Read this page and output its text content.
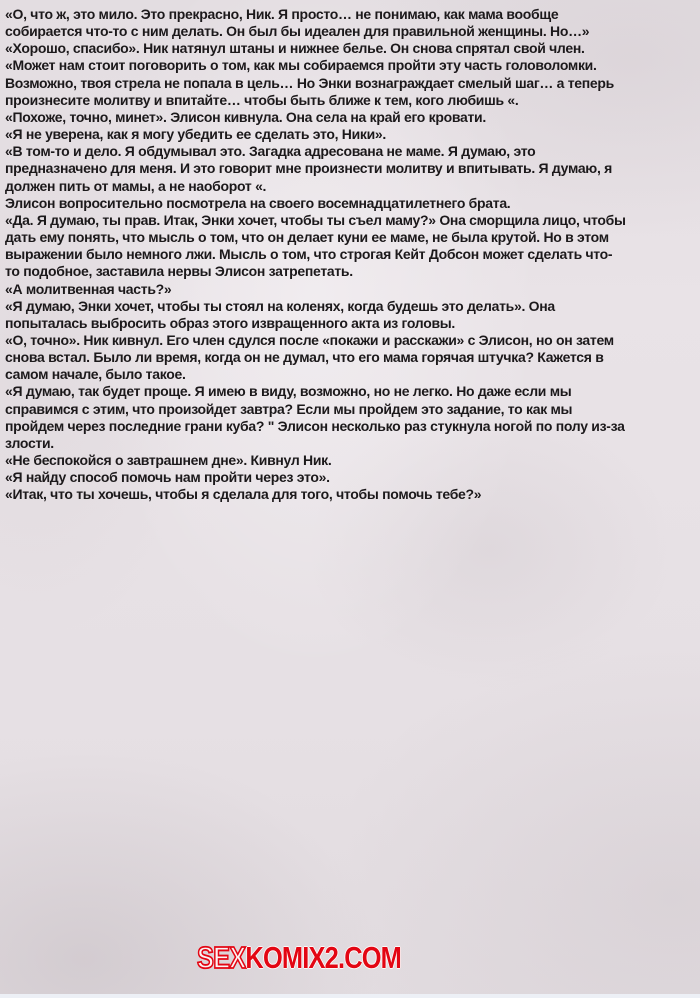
«О, что ж, это мило. Это прекрасно, Ник. Я просто… не понимаю, как мама вообще
собирается что-то с ним делать. Он был бы идеален для правильной женщины. Но…»
«Хорошо, спасибо». Ник натянул штаны и нижнее белье. Он снова спрятал свой член.
«Может нам стоит поговорить о том, как мы собираемся пройти эту часть головоломки.
Возможно, твоя стрела не попала в цель… Но Энки вознаграждает смелый шаг… а теперь
произнесите молитву и впитайте… чтобы быть ближе к тем, кого любишь «.
«Похоже, точно, минет». Элисон кивнула. Она села на край его кровати.
«Я не уверена, как я могу убедить ее сделать это, Ники».
«В том-то и дело. Я обдумывал это. Загадка адресована не маме. Я думаю, это
предназначено для меня. И это говорит мне произнести молитву и впитывать. Я думаю, я
должен пить от мамы, а не наоборот «.
Элисон вопросительно посмотрела на своего восемнадцатилетнего брата.
«Да. Я думаю, ты прав. Итак, Энки хочет, чтобы ты съел маму?» Она сморщила лицо, чтобы
дать ему понять, что мысль о том, что он делает куни ее маме, не была крутой. Но в этом
выражении было немного лжи. Мысль о том, что строгая Кейт Добсон может сделать что-
то подобное, заставила нервы Элисон затрепетать.
«А молитвенная часть?»
«Я думаю, Энки хочет, чтобы ты стоял на коленях, когда будешь это делать». Она
попыталась выбросить образ этого извращенного акта из головы.
«О, точно». Ник кивнул. Его член сдулся после «покажи и расскажи» с Элисон, но он затем
снова встал. Было ли время, когда он не думал, что его мама горячая штучка? Кажется в
самом начале, было такое.
«Я думаю, так будет проще. Я имею в виду, возможно, но не легко. Но даже если мы
справимся с этим, что произойдет завтра? Если мы пройдем это задание, то как мы
пройдем через последние грани куба? " Элисон несколько раз стукнула ногой по полу из-за
злости.
«Не беспокойся о завтрашнем дне». Кивнул Ник.
«Я найду способ помочь нам пройти через это».
«Итак, что ты хочешь, чтобы я сделала для того, чтобы помочь тебе?»
SEXKOMIX2.COM
